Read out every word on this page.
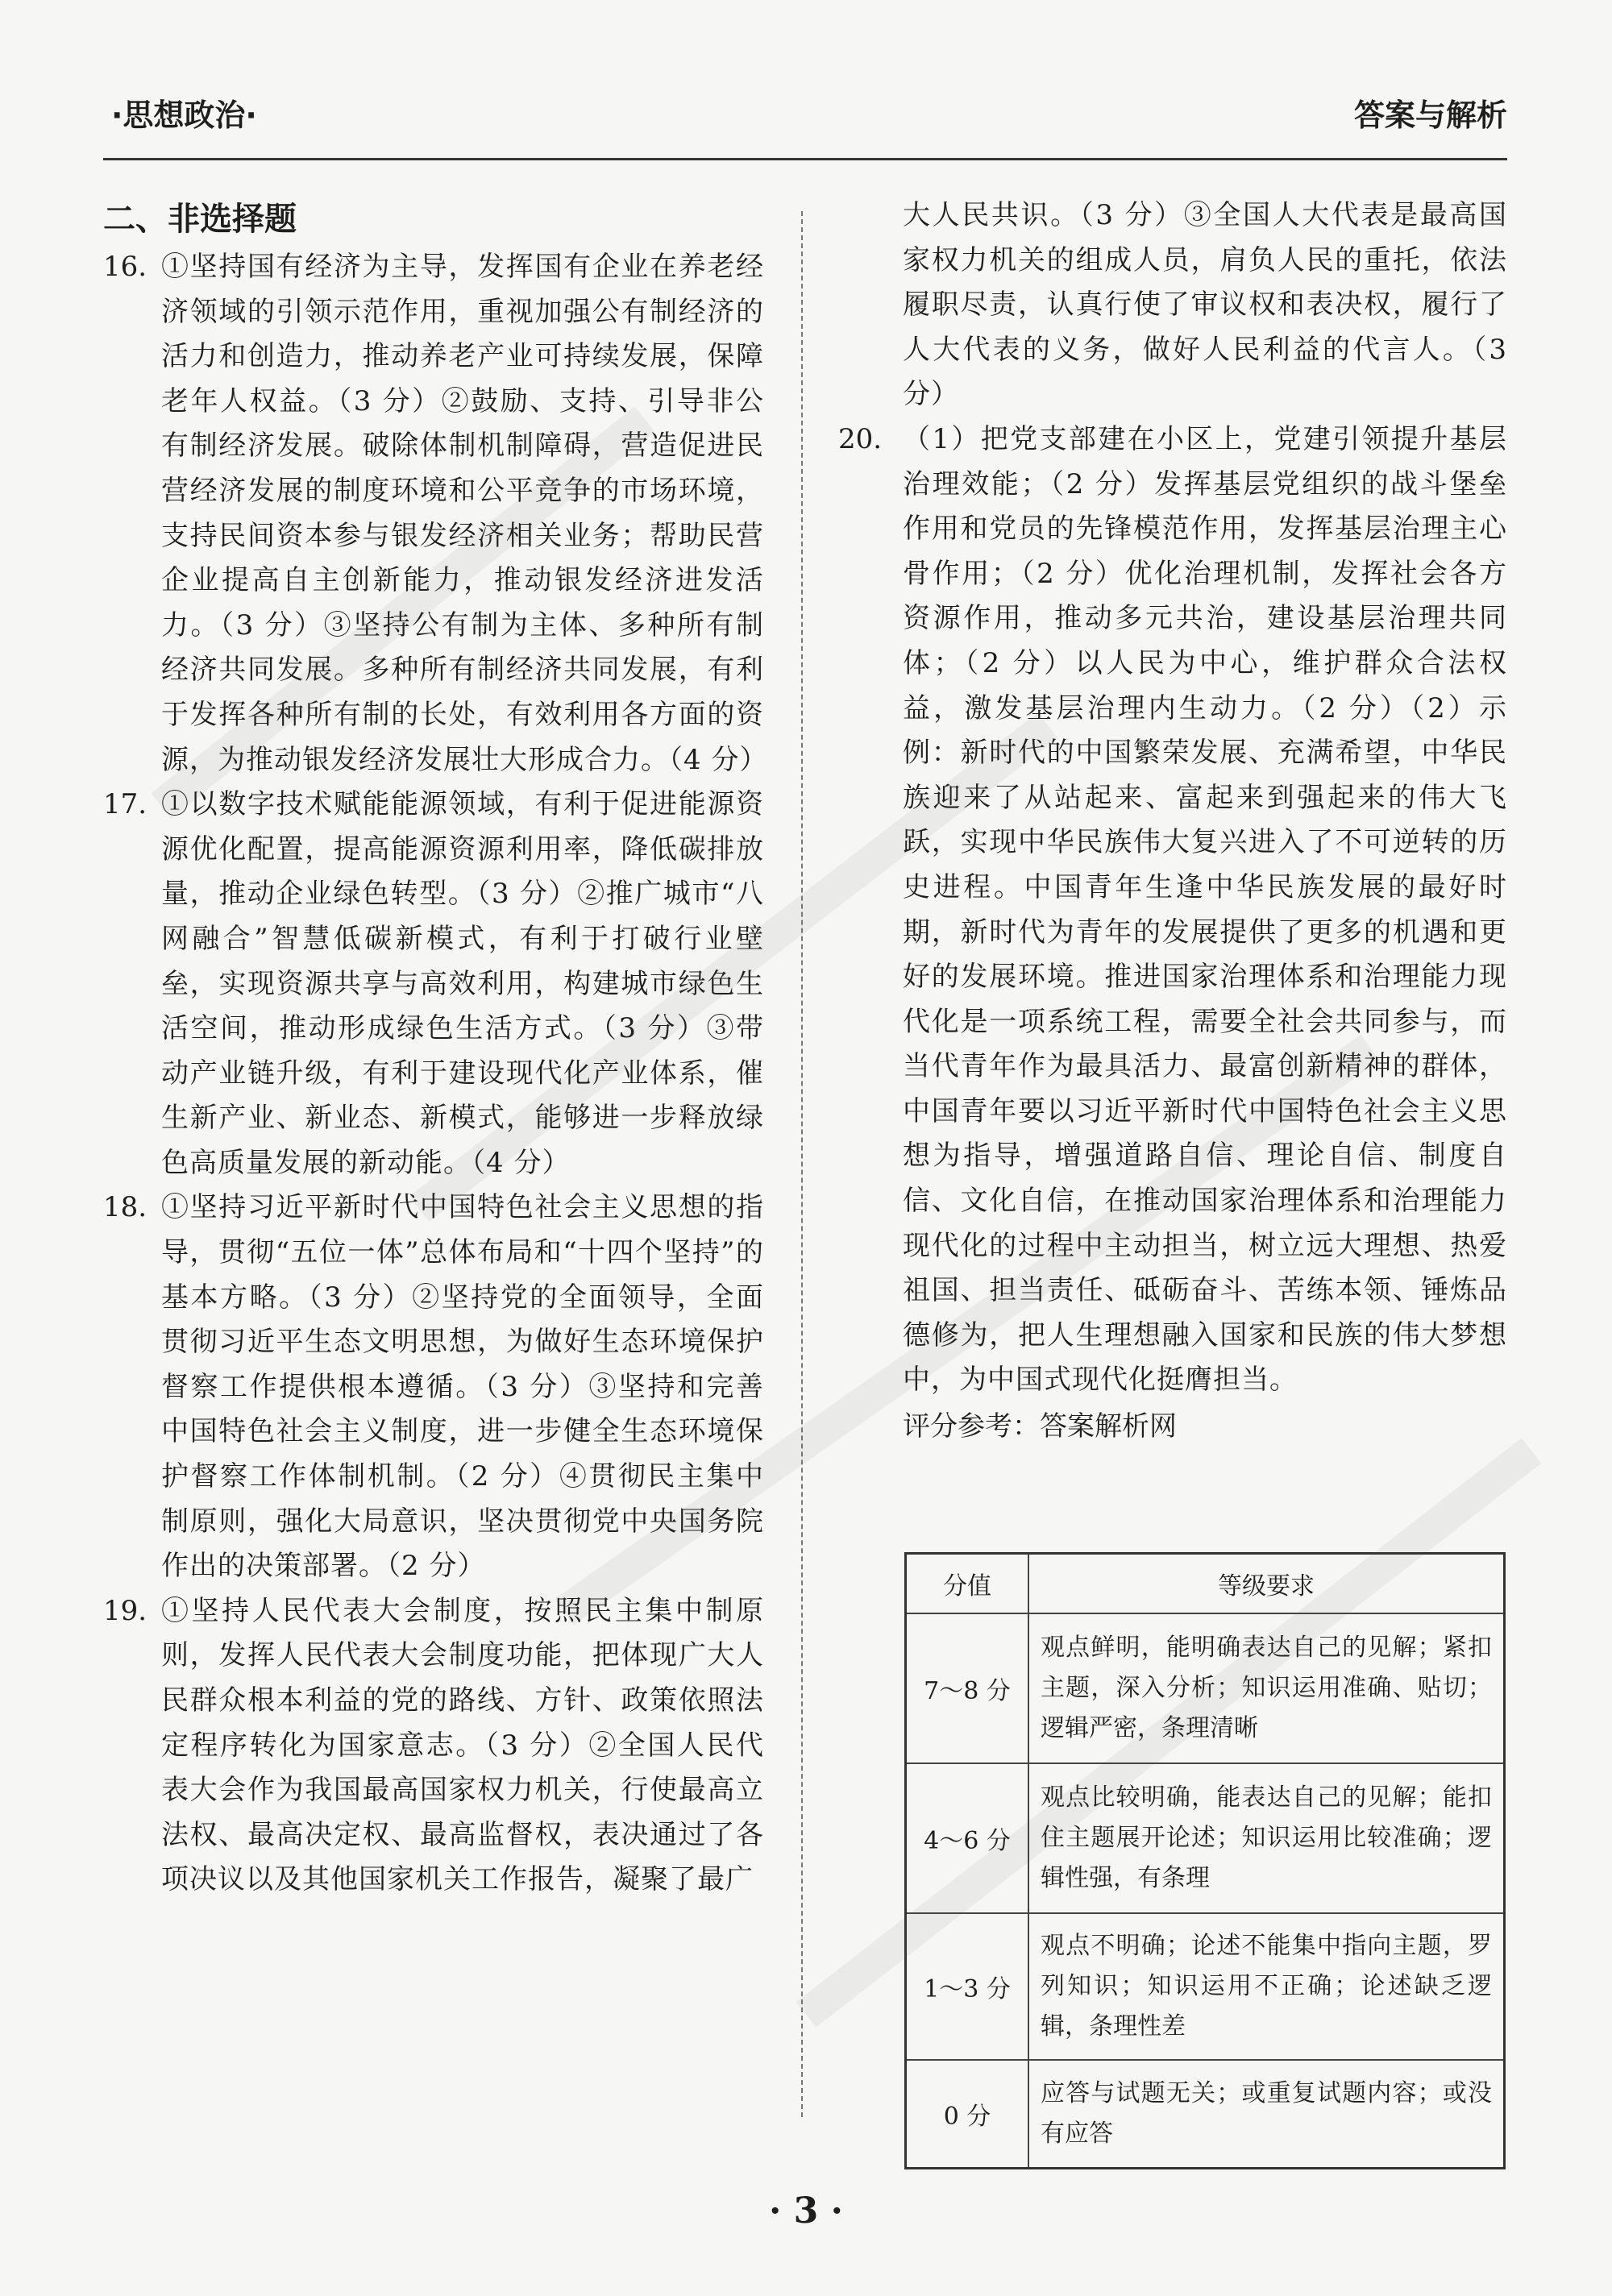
·思想政治·	答案与解析
二、非选择题
16. ①坚持国有经济为主导，发挥国有企业在养老经济领域的引领示范作用，重视加强公有制经济的活力和创造力，推动养老产业可持续发展，保障老年人权益。（3 分）②鼓励、支持、引导非公有制经济发展。破除体制机制障碍，营造促进民营经济发展的制度环境和公平竞争的市场环境，支持民间资本参与银发经济相关业务；帮助民营企业提高自主创新能力，推动银发经济进发活力。（3 分）③坚持公有制为主体、多种所有制经济共同发展。多种所有制经济共同发展，有利于发挥各种所有制的长处，有效利用各方面的资源，为推动银发经济发展壮大形成合力。（4 分）
17. ①以数字技术赋能能源领域，有利于促进能源资源优化配置，提高能源资源利用率，降低碳排放量，推动企业绿色转型。（3 分）②推广城市“八网融合”智慧低碳新模式，有利于打破行业壁垒，实现资源共享与高效利用，构建城市绿色生活空间，推动形成绿色生活方式。（3 分）③带动产业链升级，有利于建设现代化产业体系，催生新产业、新业态、新模式，能够进一步释放绿色高质量发展的新动能。（4 分）
18. ①坚持习近平新时代中国特色社会主义思想的指导，贯彻“五位一体”总体布局和“十四个坚持”的基本方略。（3 分）②坚持党的全面领导，全面贯彻习近平生态文明思想，为做好生态环境保护督察工作提供根本遵循。（3 分）③坚持和完善中国特色社会主义制度，进一步健全生态环境保护督察工作体制机制。（2 分）④贯彻民主集中制原则，强化大局意识，坚决贯彻党中央国务院作出的决策部署。（2 分）
19. ①坚持人民代表大会制度，按照民主集中制原则，发挥人民代表大会制度功能，把体现广大人民群众根本利益的党的路线、方针、政策依照法定程序转化为国家意志。（3 分）②全国人民代表大会作为我国最高国家权力机关，行使最高立法权、最高决定权、最高监督权，表决通过了各项决议以及其他国家机关工作报告，凝聚了最广
大人民共识。（3 分）③全国人大代表是最高国家权力机关的组成人员，肩负人民的重托，依法履职尽责，认真行使了审议权和表决权，履行了人大代表的义务，做好人民利益的代言人。（3 分）
20. （1）把党支部建在小区上，党建引领提升基层治理效能；（2 分）发挥基层党组织的战斗堡垒作用和党员的先锋模范作用，发挥基层治理主心骨作用；（2 分）优化治理机制，发挥社会各方资源作用，推动多元共治，建设基层治理共同体；（2 分）以人民为中心，维护群众合法权益，激发基层治理内生动力。（2 分）（2）示例：新时代的中国繁荣发展、充满希望，中华民族迎来了从站起来、富起来到强起来的伟大飞跃，实现中华民族伟大复兴进入了不可逆转的历史进程。中国青年生逢中华民族发展的最好时期，新时代为青年的发展提供了更多的机遇和更好的发展环境。推进国家治理体系和治理能力现代化是一项系统工程，需要全社会共同参与，而当代青年作为最具活力、最富创新精神的群体，中国青年要以习近平新时代中国特色社会主义思想为指导，增强道路自信、理论自信、制度自信、文化自信，在推动国家治理体系和治理能力现代化的过程中主动担当，树立远大理想、热爱祖国、担当责任、砥砺奋斗、苦练本领、锤炼品德修为，把人生理想融入国家和民族的伟大梦想中，为中国式现代化挺膺担当。
评分参考：答案解析网
分值	等级要求
7～8 分	观点鲜明，能明确表达自己的见解；紧扣主题，深入分析；知识运用准确、贴切；逻辑严密，条理清晰
4～6 分	观点比较明确，能表达自己的见解；能扣住主题展开论述；知识运用比较准确；逻辑性强，有条理
1～3 分	观点不明确；论述不能集中指向主题，罗列知识；知识运用不正确；论述缺乏逻辑，条理性差
0 分	应答与试题无关；或重复试题内容；或没有应答
· 3 ·
